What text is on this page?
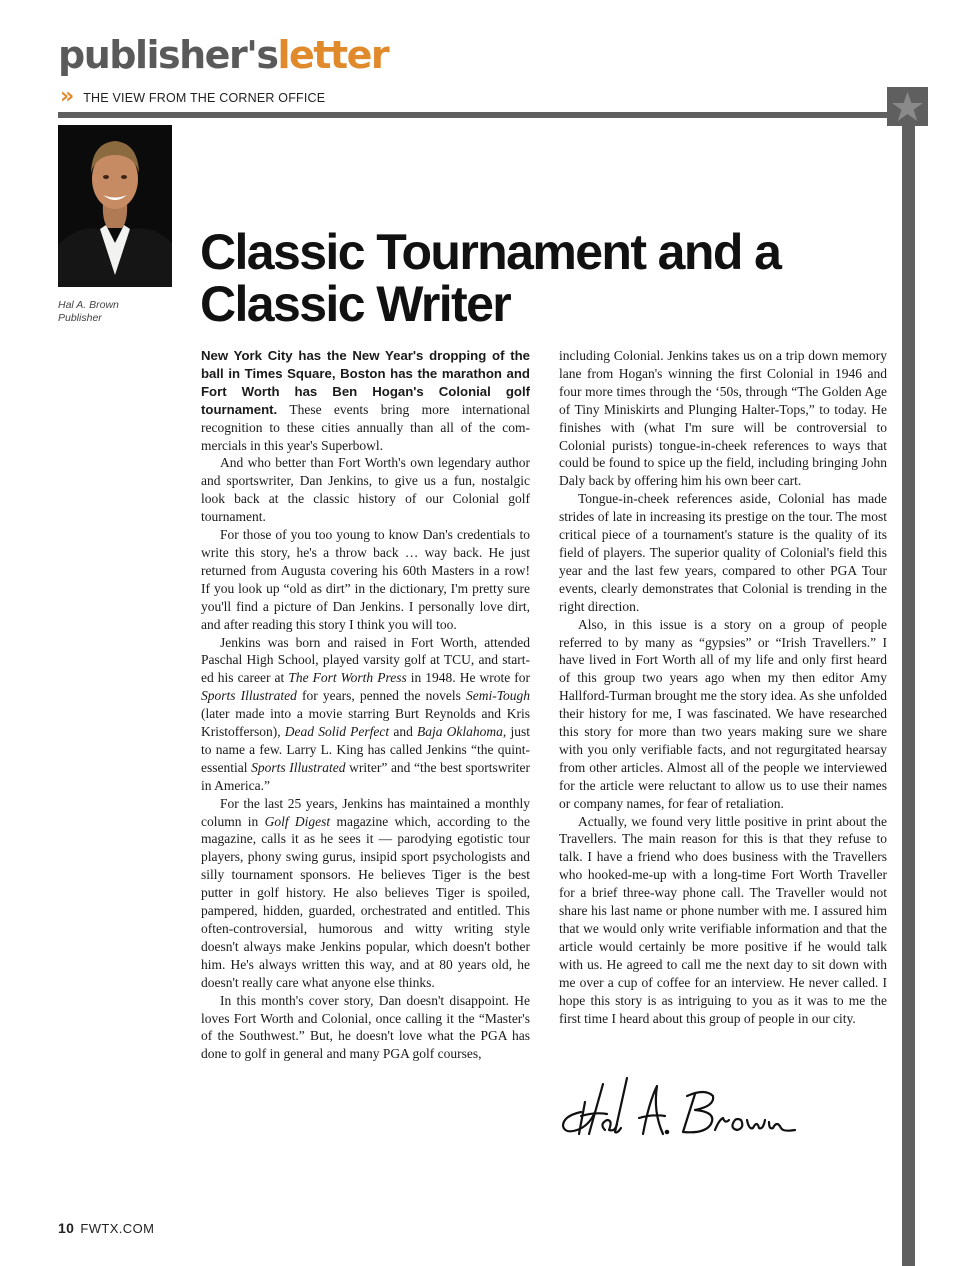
publisher'sletter
» THE VIEW FROM THE CORNER OFFICE
Hal A. Brown
Publisher
Classic Tournament and a Classic Writer

New York City has the New Year's dropping of the ball in Times Square, Boston has the marathon and Fort Worth has Ben Hogan's Colonial golf tournament. These events bring more international recognition to these cities annually than all of the commercials in this year's Superbowl.

And who better than Fort Worth's own legendary author and sportswriter, Dan Jenkins, to give us a fun, nostalgic look back at the classic history of our Colonial golf tournament.

For those of you too young to know Dan's credentials to write this story, he's a throw back … way back. He just returned from Augusta covering his 60th Masters in a row! If you look up “old as dirt” in the dictionary, I'm pretty sure you'll find a picture of Dan Jenkins. I personally love dirt, and after reading this story I think you will too.

Jenkins was born and raised in Fort Worth, attended Paschal High School, played varsity golf at TCU, and started his career at The Fort Worth Press in 1948. He wrote for Sports Illustrated for years, penned the novels Semi-Tough (later made into a movie starring Burt Reynolds and Kris Kristofferson), Dead Solid Perfect and Baja Oklahoma, just to name a few. Larry L. King has called Jenkins “the quintessential Sports Illustrated writer” and “the best sportswriter in America.”

For the last 25 years, Jenkins has maintained a monthly column in Golf Digest magazine which, according to the magazine, calls it as he sees it — parodying egotistic tour players, phony swing gurus, insipid sport psychologists and silly tournament sponsors. He believes Tiger is the best putter in golf history. He also believes Tiger is spoiled, pampered, hidden, guarded, orchestrated and entitled. This often-controversial, humorous and witty writing style doesn't always make Jenkins popular, which doesn't bother him. He's always written this way, and at 80 years old, he doesn't really care what anyone else thinks.

In this month's cover story, Dan doesn't disappoint. He loves Fort Worth and Colonial, once calling it the “Master's of the Southwest.” But, he doesn't love what the PGA has done to golf in general and many PGA golf courses,

including Colonial. Jenkins takes us on a trip down memory lane from Hogan's winning the first Colonial in 1946 and four more times through the ‘50s, through “The Golden Age of Tiny Miniskirts and Plunging Halter-Tops,” to today. He finishes with (what I'm sure will be controversial to Colonial purists) tongue-in-cheek references to ways that could be found to spice up the field, including bringing John Daly back by offering him his own beer cart.

Tongue-in-cheek references aside, Colonial has made strides of late in increasing its prestige on the tour. The most critical piece of a tournament's stature is the quality of its field of players. The superior quality of Colonial's field this year and the last few years, compared to other PGA Tour events, clearly demonstrates that Colonial is trending in the right direction.

Also, in this issue is a story on a group of people referred to by many as “gypsies” or “Irish Travellers.” I have lived in Fort Worth all of my life and only first heard of this group two years ago when my then editor Amy Hallford-Turman brought me the story idea. As she unfolded their history for me, I was fascinated. We have researched this story for more than two years making sure we share with you only verifiable facts, and not regurgitated hearsay from other articles. Almost all of the people we interviewed for the article were reluctant to allow us to use their names or company names, for fear of retaliation.

Actually, we found very little positive in print about the Travellers. The main reason for this is that they refuse to talk. I have a friend who does business with the Travellers who hooked-me-up with a long-time Fort Worth Traveller for a brief three-way phone call. The Traveller would not share his last name or phone number with me. I assured him that we would only write verifiable information and that the article would certainly be more positive if he would talk with us. He agreed to call me the next day to sit down with me over a cup of coffee for an interview. He never called. I hope this story is as intriguing to you as it was to me the first time I heard about this group of people in our city.

10 FWTX.COM
